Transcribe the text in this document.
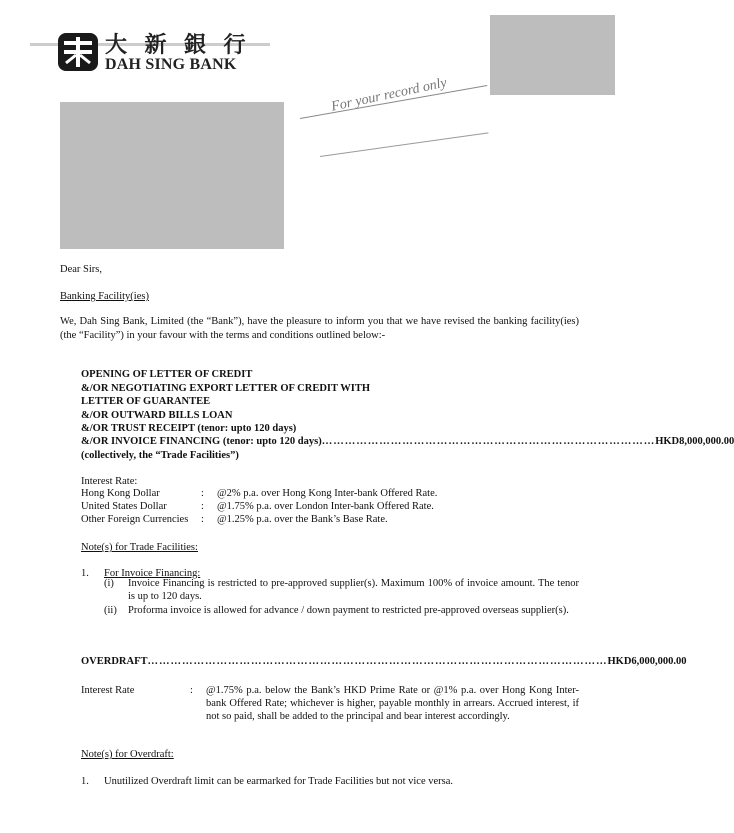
大 新 銀 行
DAH SING BANK
For your record only
Dear Sirs,
Banking Facility(ies)
We, Dah Sing Bank, Limited (the “Bank”), have the pleasure to inform you that we have revised the banking facility(ies) (the “Facility”) in your favour with the terms and conditions outlined below:-
OPENING OF LETTER OF CREDIT
&/OR NEGOTIATING EXPORT LETTER OF CREDIT WITH
LETTER OF GUARANTEE
&/OR OUTWARD BILLS LOAN
&/OR TRUST RECEIPT (tenor: upto 120 days)
&/OR INVOICE FINANCING (tenor: upto 120 days) …………………………………………………………………………… HKD8,000,000.00
(collectively, the “Trade Facilities”)
Interest Rate:
Hong Kong Dollar	: @2% p.a. over Hong Kong Inter-bank Offered Rate.
United States Dollar	: @1.75% p.a. over London Inter-bank Offered Rate.
Other Foreign Currencies : @1.25% p.a. over the Bank’s Base Rate.
Note(s) for Trade Facilities:
1. For Invoice Financing:
(i) Invoice Financing is restricted to pre-approved supplier(s). Maximum 100% of invoice amount. The tenor is up to 120 days.
(ii) Proforma invoice is allowed for advance / down payment to restricted pre-approved overseas supplier(s).
OVERDRAFT ………………………………………………………………………………………………………… HKD6,000,000.00
Interest Rate	: @1.75% p.a. below the Bank’s HKD Prime Rate or @1% p.a. over Hong Kong Inter-bank Offered Rate; whichever is higher, payable monthly in arrears. Accrued interest, if not so paid, shall be added to the principal and bear interest accordingly.
Note(s) for Overdraft:
1. Unutilized Overdraft limit can be earmarked for Trade Facilities but not vice versa.
